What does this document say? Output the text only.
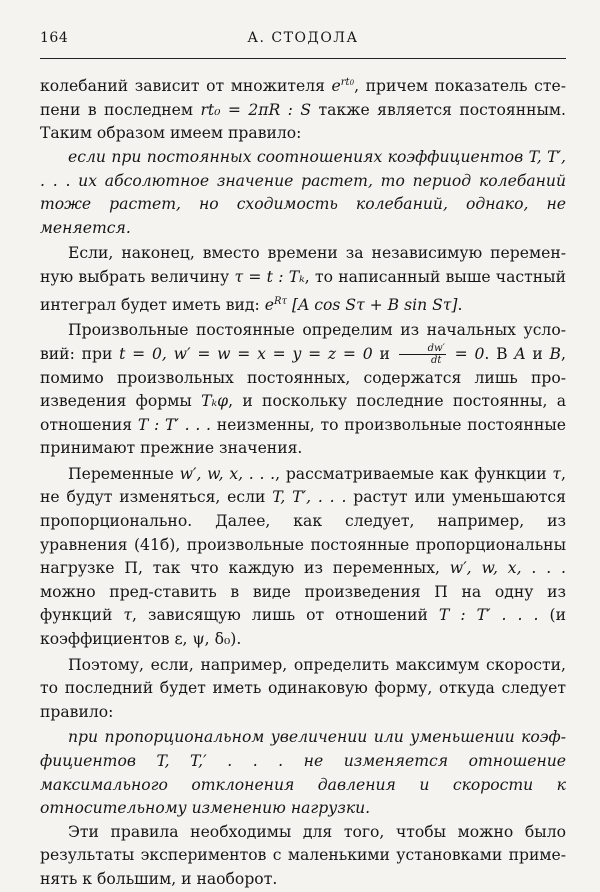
164	А. СТОДОЛА

колебаний зависит от множителя $e^{rt0}$, причем показатель сте-пени в последнем rt₀ = 2πR : S также является постоянным. Таким образом имеем правило:

если при постоянных соотношениях коэффициентов T, T′, . . . их абсолютное значение растет, то период колебаний тоже растет, но сходимость колебаний, однако, не меняется.

Если, наконец, вместо времени за независимую перемен-ную выбрать величину τ = t : Tₖ, то написанный выше частный интеграл будет иметь вид: $e^{R\tau}$ [A cos Sτ + B sin Sτ].

Произвольные постоянные определим из начальных усло-вий: при t = 0, w′ = w = x = y = z = 0 и $\frac{dw'}{dt} = 0$. В A и B, помимо произвольных постоянных, содержатся лишь про-изведения формы Tₖφ, и поскольку последние постоянны, а отношения T : T′ . . . неизменны, то произвольные постоянные принимают прежние значения.

Переменные w′, w, x, . . ., рассматриваемые как функции τ, не будут изменяться, если T, T′, . . . растут или уменьшаются пропорционально. Далее, как следует, например, из уравнения (41б), произвольные постоянные пропорциональны нагрузке П, так что каждую из переменных, w′, w, x, . . . можно пред-ставить в виде произведения П на одну из функций τ, зависящую лишь от отношений T : T′ . . . (и коэффициентов ε, ψ, δ₀).

Поэтому, если, например, определить максимум скорости, то последний будет иметь одинаковую форму, откуда следует правило:

при пропорциональном увеличении или уменьшении коэф-фициентов T, T,′ . . . не изменяется отношение максимального отклонения давления и скорости к относительному изменению нагрузки.

Эти правила необходимы для того, чтобы можно было результаты экспериментов с маленькими установками приме-нять к большим, и наоборот.
